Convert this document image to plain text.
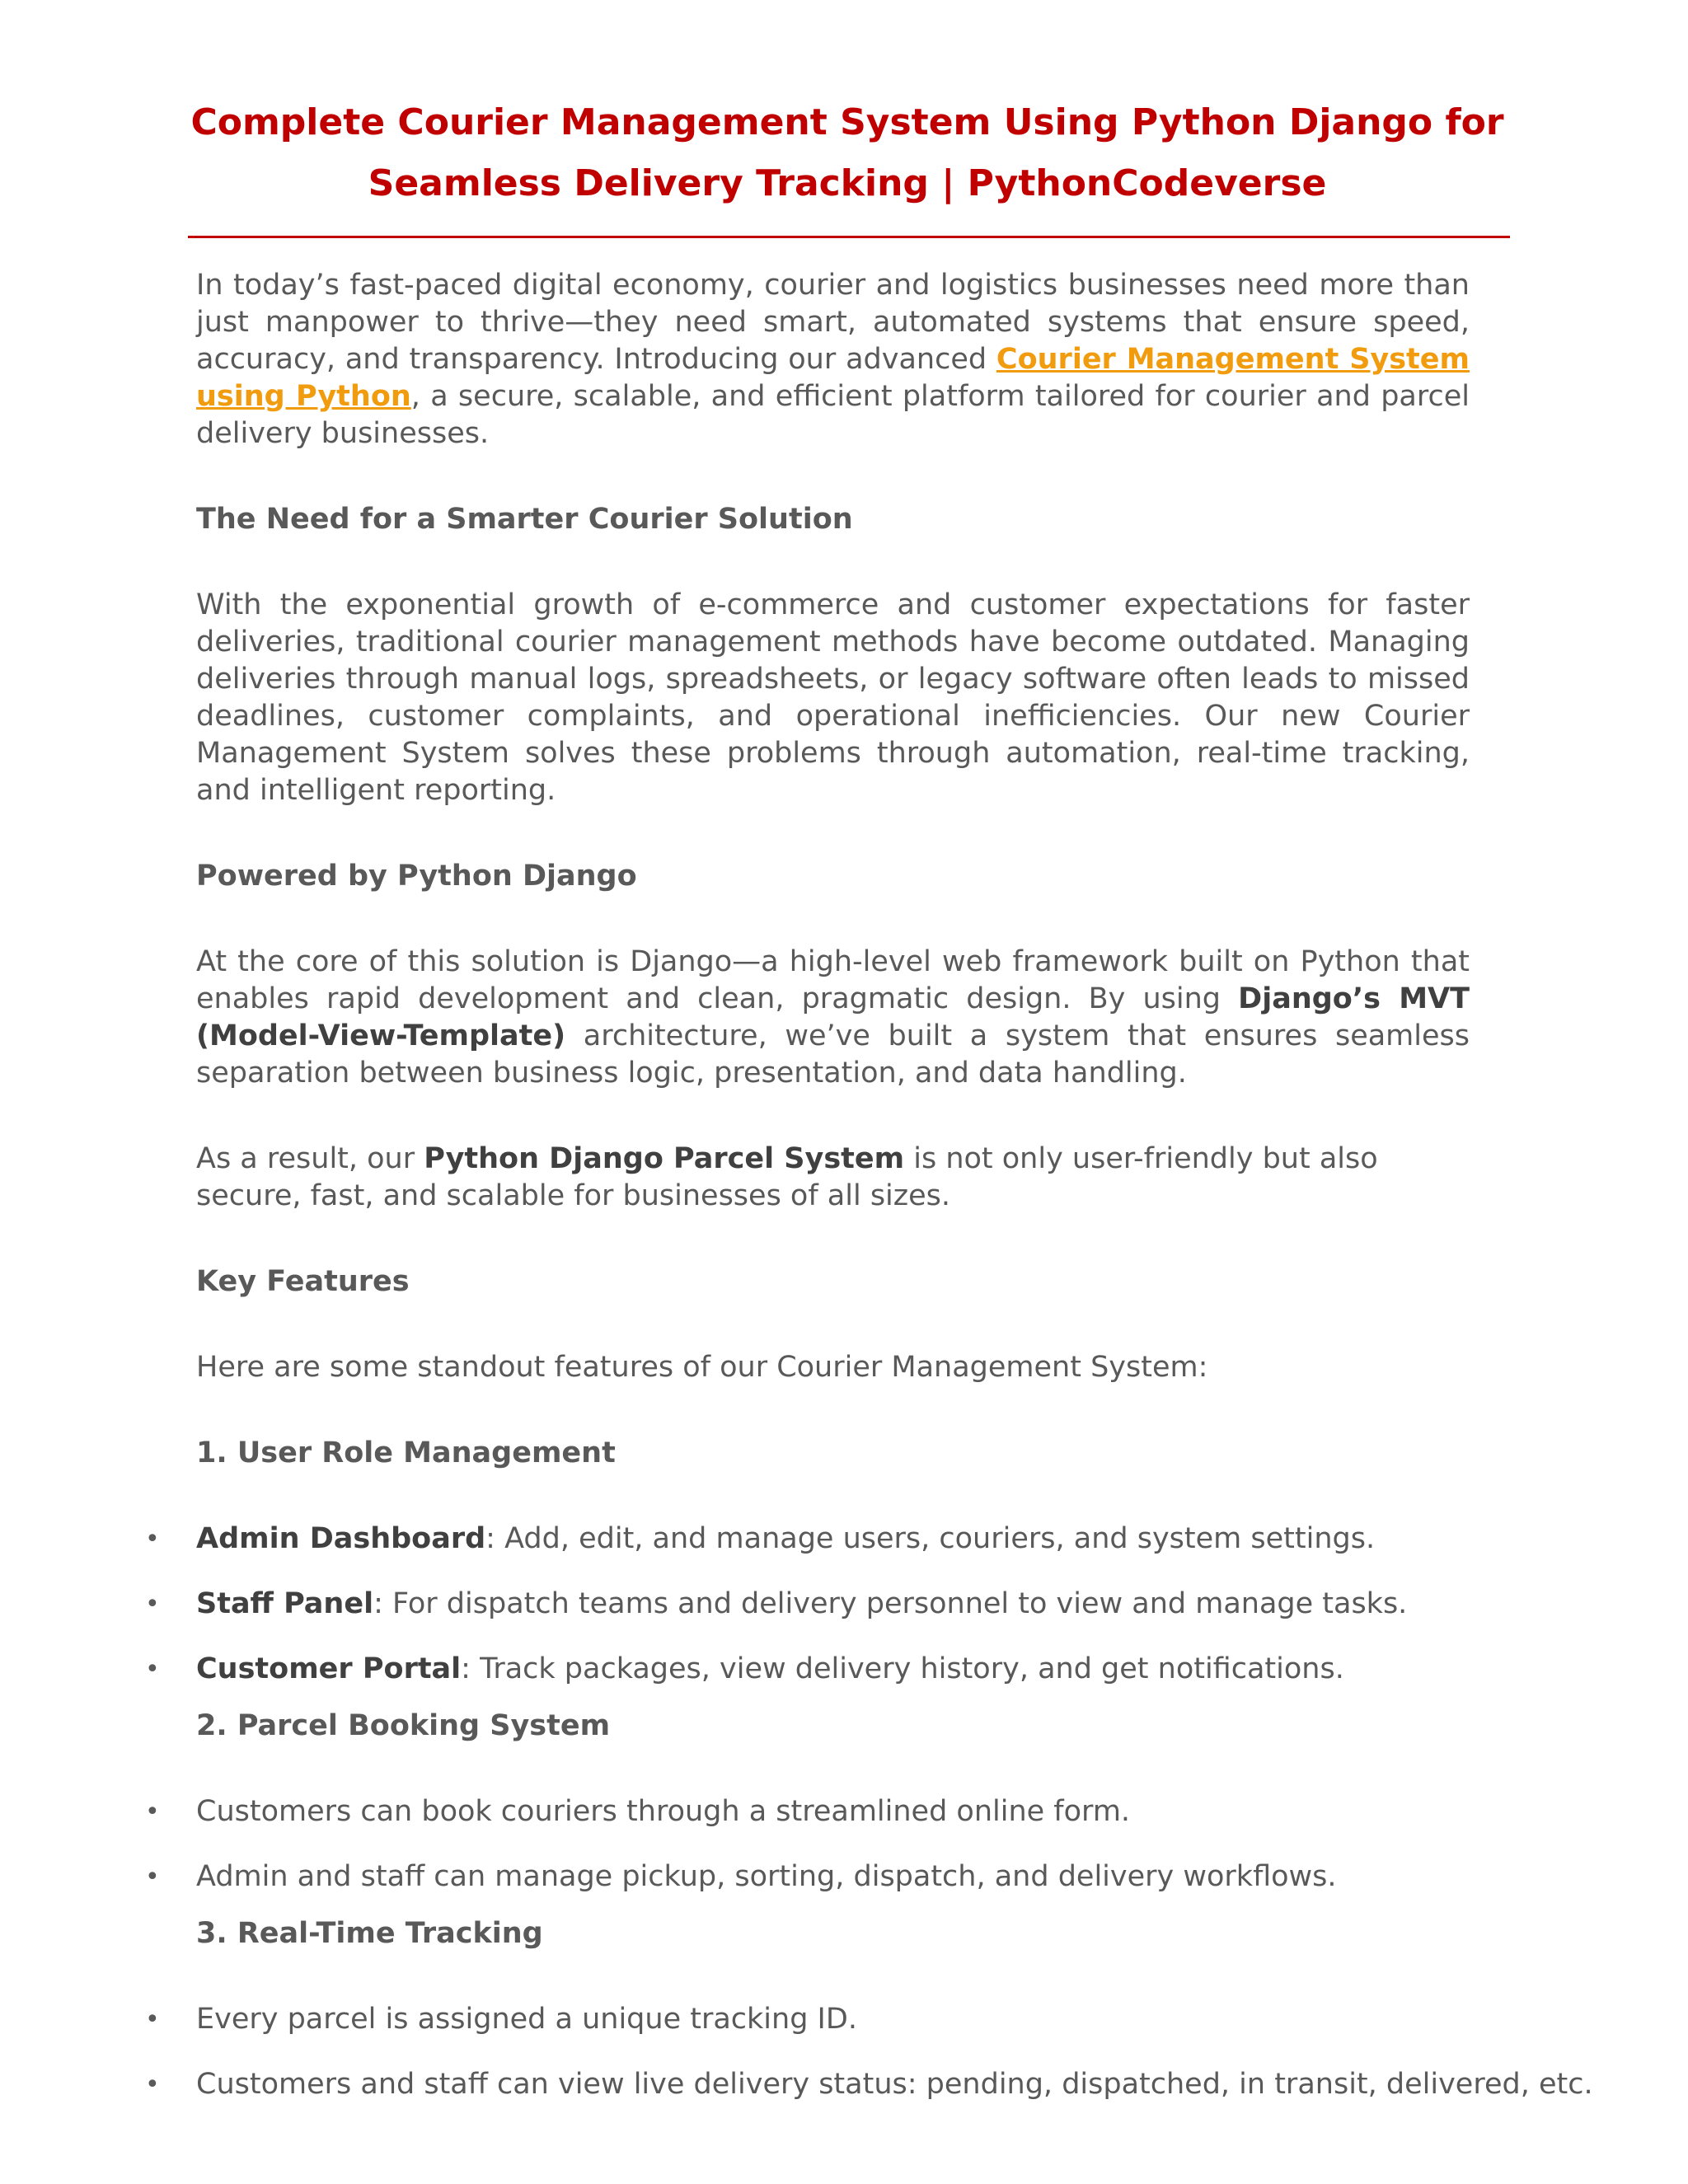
Complete Courier Management System Using Python Django for
Seamless Delivery Tracking | PythonCodeverse

In today’s fast-paced digital economy, courier and logistics businesses need more than just manpower to thrive—they need smart, automated systems that ensure speed, accuracy, and transparency. Introducing our advanced Courier Management System using Python, a secure, scalable, and efficient platform tailored for courier and parcel delivery businesses.

The Need for a Smarter Courier Solution

With the exponential growth of e-commerce and customer expectations for faster deliveries, traditional courier management methods have become outdated. Managing deliveries through manual logs, spreadsheets, or legacy software often leads to missed deadlines, customer complaints, and operational inefficiencies. Our new Courier Management System solves these problems through automation, real-time tracking, and intelligent reporting.

Powered by Python Django

At the core of this solution is Django—a high-level web framework built on Python that enables rapid development and clean, pragmatic design. By using Django’s MVT (Model-View-Template) architecture, we’ve built a system that ensures seamless separation between business logic, presentation, and data handling.

As a result, our Python Django Parcel System is not only user-friendly but also secure, fast, and scalable for businesses of all sizes.

Key Features

Here are some standout features of our Courier Management System:

1. User Role Management
• Admin Dashboard: Add, edit, and manage users, couriers, and system settings.
• Staff Panel: For dispatch teams and delivery personnel to view and manage tasks.
• Customer Portal: Track packages, view delivery history, and get notifications.
2. Parcel Booking System
• Customers can book couriers through a streamlined online form.
• Admin and staff can manage pickup, sorting, dispatch, and delivery workflows.
3. Real-Time Tracking
• Every parcel is assigned a unique tracking ID.
• Customers and staff can view live delivery status: pending, dispatched, in transit, delivered, etc.
